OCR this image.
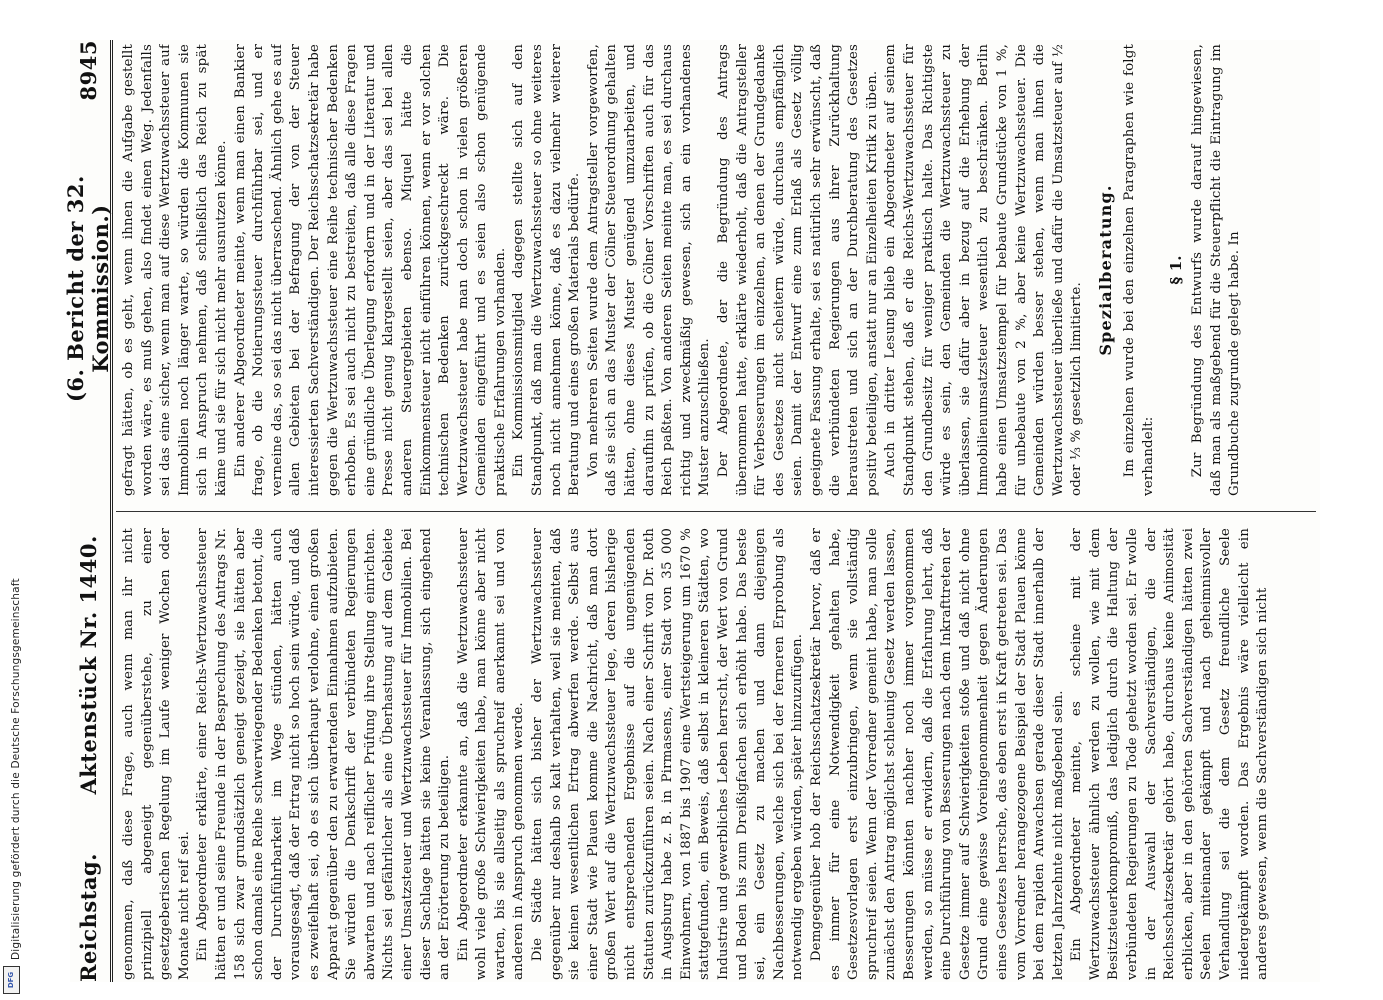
Digitalisierung gefördert durch die Deutsche Forschungsgemeinschaft
DFG	Reichstag.
Aktenstück Nr. 1440.
(6. Bericht der 32. Kommission.)
8945

genommen, daß diese Frage, auch wenn man ihr nicht prinzipiell abgeneigt gegenüberstehe, zu einer gesetzgeberischen Regelung im Laufe weniger Wochen oder Monate nicht reif sei. Ein Abgeordneter erklärte, einer Reichs-Wertzuwachssteuer hätten er und seine Freunde in der Besprechung des Antrags Nr. 158 sich zwar grundsätzlich geneigt gezeigt, sie hätten aber schon damals eine Reihe schwerwiegender Bedenken betont, die der Durchführbarkeit im Wege stünden, hätten auch vorausgesagt, daß der Ertrag nicht so hoch sein würde, und daß es zweifelhaft sei, ob es sich überhaupt verlohne, einen großen Apparat gegenüber den zu erwartenden Einnahmen aufzubieten. Sie würden die Denkschrift der verbündeten Regierungen abwarten und nach reiflicher Prüfung ihre Stellung einrichten. Nichts sei gefährlicher als eine Überhastung auf dem Gebiete einer Umsatzsteuer und Wertzuwachssteuer für Immobilien. Bei dieser Sachlage hätten sie keine Veranlassung, sich eingehend an der Erörterung zu beteiligen. Ein Abgeordneter erkannte an, daß die Wertzuwachssteuer wohl viele große Schwierigkeiten habe, man könne aber nicht warten, bis sie allseitig als spruchreif anerkannt sei und von anderen in Anspruch genommen werde. Die Städte hätten sich bisher der Wertzuwachssteuer gegenüber nur deshalb so kalt verhalten, weil sie meinten, daß sie keinen wesentlichen Ertrag abwerfen werde. Selbst aus einer Stadt wie Plauen komme die Nachricht, daß man dort großen Wert auf die Wertzuwachssteuer lege, deren bisherige nicht entsprechenden Ergebnisse auf die ungenügenden Statuten zurückzuführen seien. Nach einer Schrift von Dr. Roth in Augsburg habe z. B. in Pirmasens, einer Stadt von 35 000 Einwohnern, von 1887 bis 1907 eine Wertsteigerung um 1670 % stattgefunden, ein Beweis, daß selbst in kleineren Städten, wo Industrie und gewerbliches Leben herrscht, der Wert von Grund und Boden bis zum Dreißigfachen sich erhöht habe. Das beste sei, ein Gesetz zu machen und dann diejenigen Nachbesserungen, welche sich bei der ferneren Erprobung als notwendig ergeben würden, später hinzuzufügen. Demgegenüber hob der Reichsschatzsekretär hervor, daß er es immer für eine Notwendigkeit gehalten habe, Gesetzesvorlagen erst einzubringen, wenn sie vollständig spruchreif seien. Wenn der Vorredner gemeint habe, man solle zunächst den Antrag möglichst schleunig Gesetz werden lassen, Besserungen könnten nachher noch immer vorgenommen werden, so müsse er erwidern, daß die Erfahrung lehrt, daß eine Durchführung von Besserungen nach dem Inkrafttreten der Gesetze immer auf Schwierigkeiten stoße und daß nicht ohne Grund eine gewisse Voreingenommenheit gegen Änderungen eines Gesetzes herrsche, das eben erst in Kraft getreten sei. Das vom Vorredner herangezogene Beispiel der Stadt Plauen könne bei dem rapiden Anwachsen gerade dieser Stadt innerhalb der letzten Jahrzehnte nicht maßgebend sein. Ein Abgeordneter meinte, es scheine mit der Wertzuwachssteuer ähnlich werden zu wollen, wie mit dem Besitzsteuerkompromiß, das lediglich durch die Haltung der verbündeten Regierungen zu Tode gehetzt worden sei. Er wolle in der Auswahl der Sachverständigen, die der Reichsschatzsekretär gehört habe, durchaus keine Animosität erblicken, aber in den gehörten Sachverständigen hätten zwei Seelen miteinander gekämpft und nach geheimnisvoller Verhandlung sei die dem Gesetz freundliche Seele niedergekämpft worden. Das Ergebnis wäre vielleicht ein anderes gewesen, wenn die Sachverständigen sich nicht

gefragt hätten, ob es geht, wenn ihnen die Aufgabe gestellt worden wäre, es muß gehen, also findet einen Weg. Jedenfalls sei das eine sicher, wenn man auf diese Wertzuwachssteuer auf Immobilien noch länger warte, so würden die Kommunen sie sich in Anspruch nehmen, daß schließlich das Reich zu spät käme und sie für sich nicht mehr ausnutzen könne. Ein anderer Abgeordneter meinte, wenn man einen Bankier frage, ob die Notierungssteuer durchführbar sei, und er verneine das, so sei das nicht überraschend. Ähnlich gehe es auf allen Gebieten bei der Befragung der von der Steuer interessierten Sachverständigen. Der Reichsschatzsekretär habe gegen die Wertzuwachssteuer eine Reihe technischer Bedenken erhoben. Es sei auch nicht zu bestreiten, daß alle diese Fragen eine gründliche Überlegung erfordern und in der Literatur und Presse nicht genug klargestellt seien, aber das sei bei allen anderen Steuergebieten ebenso. Miquel hätte die Einkommensteuer nicht einführen können, wenn er vor solchen technischen Bedenken zurückgeschreckt wäre. Die Wertzuwachssteuer habe man doch schon in vielen größeren Gemeinden eingeführt und es seien also schon genügende praktische Erfahrungen vorhanden. Ein Kommissionsmitglied dagegen stellte sich auf den Standpunkt, daß man die Wertzuwachssteuer so ohne weiteres noch nicht annehmen könne, daß es dazu vielmehr weiterer Beratung und eines großen Materials bedürfe. Von mehreren Seiten wurde dem Antragsteller vorgeworfen, daß sie sich an das Muster der Cölner Steuerordnung gehalten hätten, ohne dieses Muster genügend umzuarbeiten, und daraufhin zu prüfen, ob die Cölner Vorschriften auch für das Reich paßten. Von anderen Seiten meinte man, es sei durchaus richtig und zweckmäßig gewesen, sich an ein vorhandenes Muster anzuschließen. Der Abgeordnete, der die Begründung des Antrags übernommen hatte, erklärte wiederholt, daß die Antragsteller für Verbesserungen im einzelnen, an denen der Grundgedanke des Gesetzes nicht scheitern würde, durchaus empfänglich seien. Damit der Entwurf eine zum Erlaß als Gesetz völlig geeignete Fassung erhalte, sei es natürlich sehr erwünscht, daß die verbündeten Regierungen aus ihrer Zurückhaltung heraustreten und sich an der Durchberatung des Gesetzes positiv beteiligen, anstatt nur an Einzelheiten Kritik zu üben. Auch in dritter Lesung blieb ein Abgeordneter auf seinem Standpunkt stehen, daß er die Reichs-Wertzuwachssteuer für den Grundbesitz für weniger praktisch halte. Das Richtigste würde es sein, den Gemeinden die Wertzuwachssteuer zu überlassen, sie dafür aber in bezug auf die Erhebung der Immobilienumsatzsteuer wesentlich zu beschränken. Berlin habe einen Umsatzstempel für bebaute Grundstücke von 1 %, für unbebaute von 2 %, aber keine Wertzuwachssteuer. Die Gemeinden würden besser stehen, wenn man ihnen die Wertzuwachssteuer überließe und dafür die Umsatzsteuer auf ½ oder ⅓ % gesetzlich limitierte.

Spezialberatung. Im einzelnen wurde bei den einzelnen Paragraphen wie folgt verhandelt:

§ 1. Zur Begründung des Entwurfs wurde darauf hingewiesen, daß man als maßgebend für die Steuerpflicht die Eintragung im Grundbuche zugrunde gelegt habe. In
